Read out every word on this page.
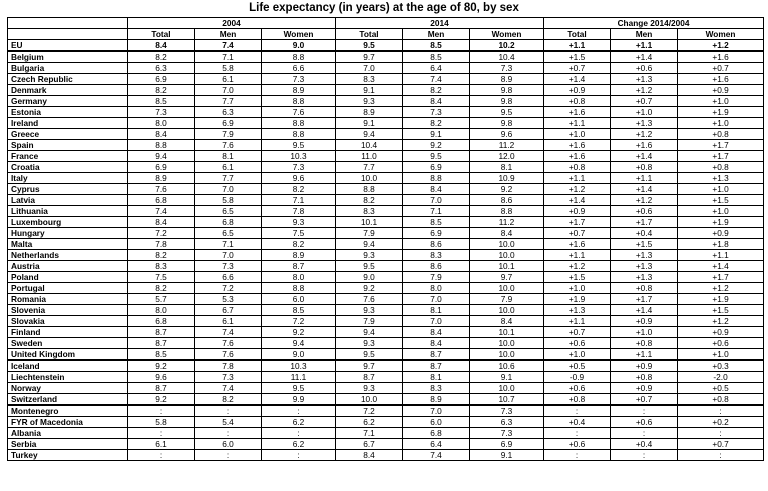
Life expectancy (in years) at the age of 80, by sex
	2004			2014			Change 2014/2004		
	Total	Men	Women	Total	Men	Women	Total	Men	Women
EU	8.4	7.4	9.0	9.5	8.5	10.2	+1.1	+1.1	+1.2
Belgium	8.2	7.1	8.8	9.7	8.5	10.4	+1.5	+1.4	+1.6
Bulgaria	6.3	5.8	6.6	7.0	6.4	7.3	+0.7	+0.6	+0.7
Czech Republic	6.9	6.1	7.3	8.3	7.4	8.9	+1.4	+1.3	+1.6
Denmark	8.2	7.0	8.9	9.1	8.2	9.8	+0.9	+1.2	+0.9
Germany	8.5	7.7	8.8	9.3	8.4	9.8	+0.8	+0.7	+1.0
Estonia	7.3	6.3	7.6	8.9	7.3	9.5	+1.6	+1.0	+1.9
Ireland	8.0	6.9	8.8	9.1	8.2	9.8	+1.1	+1.3	+1.0
Greece	8.4	7.9	8.8	9.4	9.1	9.6	+1.0	+1.2	+0.8
Spain	8.8	7.6	9.5	10.4	9.2	11.2	+1.6	+1.6	+1.7
France	9.4	8.1	10.3	11.0	9.5	12.0	+1.6	+1.4	+1.7
Croatia	6.9	6.1	7.3	7.7	6.9	8.1	+0.8	+0.8	+0.8
Italy	8.9	7.7	9.6	10.0	8.8	10.9	+1.1	+1.1	+1.3
Cyprus	7.6	7.0	8.2	8.8	8.4	9.2	+1.2	+1.4	+1.0
Latvia	6.8	5.8	7.1	8.2	7.0	8.6	+1.4	+1.2	+1.5
Lithuania	7.4	6.5	7.8	8.3	7.1	8.8	+0.9	+0.6	+1.0
Luxembourg	8.4	6.8	9.3	10.1	8.5	11.2	+1.7	+1.7	+1.9
Hungary	7.2	6.5	7.5	7.9	6.9	8.4	+0.7	+0.4	+0.9
Malta	7.8	7.1	8.2	9.4	8.6	10.0	+1.6	+1.5	+1.8
Netherlands	8.2	7.0	8.9	9.3	8.3	10.0	+1.1	+1.3	+1.1
Austria	8.3	7.3	8.7	9.5	8.6	10.1	+1.2	+1.3	+1.4
Poland	7.5	6.6	8.0	9.0	7.9	9.7	+1.5	+1.3	+1.7
Portugal	8.2	7.2	8.8	9.2	8.0	10.0	+1.0	+0.8	+1.2
Romania	5.7	5.3	6.0	7.6	7.0	7.9	+1.9	+1.7	+1.9
Slovenia	8.0	6.7	8.5	9.3	8.1	10.0	+1.3	+1.4	+1.5
Slovakia	6.8	6.1	7.2	7.9	7.0	8.4	+1.1	+0.9	+1.2
Finland	8.7	7.4	9.2	9.4	8.4	10.1	+0.7	+1.0	+0.9
Sweden	8.7	7.6	9.4	9.3	8.4	10.0	+0.6	+0.8	+0.6
United Kingdom	8.5	7.6	9.0	9.5	8.7	10.0	+1.0	+1.1	+1.0
Iceland	9.2	7.8	10.3	9.7	8.7	10.6	+0.5	+0.9	+0.3
Liechtenstein	9.6	7.3	11.1	8.7	8.1	9.1	-0.9	+0.8	-2.0
Norway	8.7	7.4	9.5	9.3	8.3	10.0	+0.6	+0.9	+0.5
Switzerland	9.2	8.2	9.9	10.0	8.9	10.7	+0.8	+0.7	+0.8
Montenegro	:	:	:	7.2	7.0	7.3	:	:	:
FYR of Macedonia	5.8	5.4	6.2	6.2	6.0	6.3	+0.4	+0.6	+0.2
Albania	:	:	:	7.1	6.8	7.3	:	:	:
Serbia	6.1	6.0	6.2	6.7	6.4	6.9	+0.6	+0.4	+0.7
Turkey	:	:	:	8.4	7.4	9.1	:	:	:
